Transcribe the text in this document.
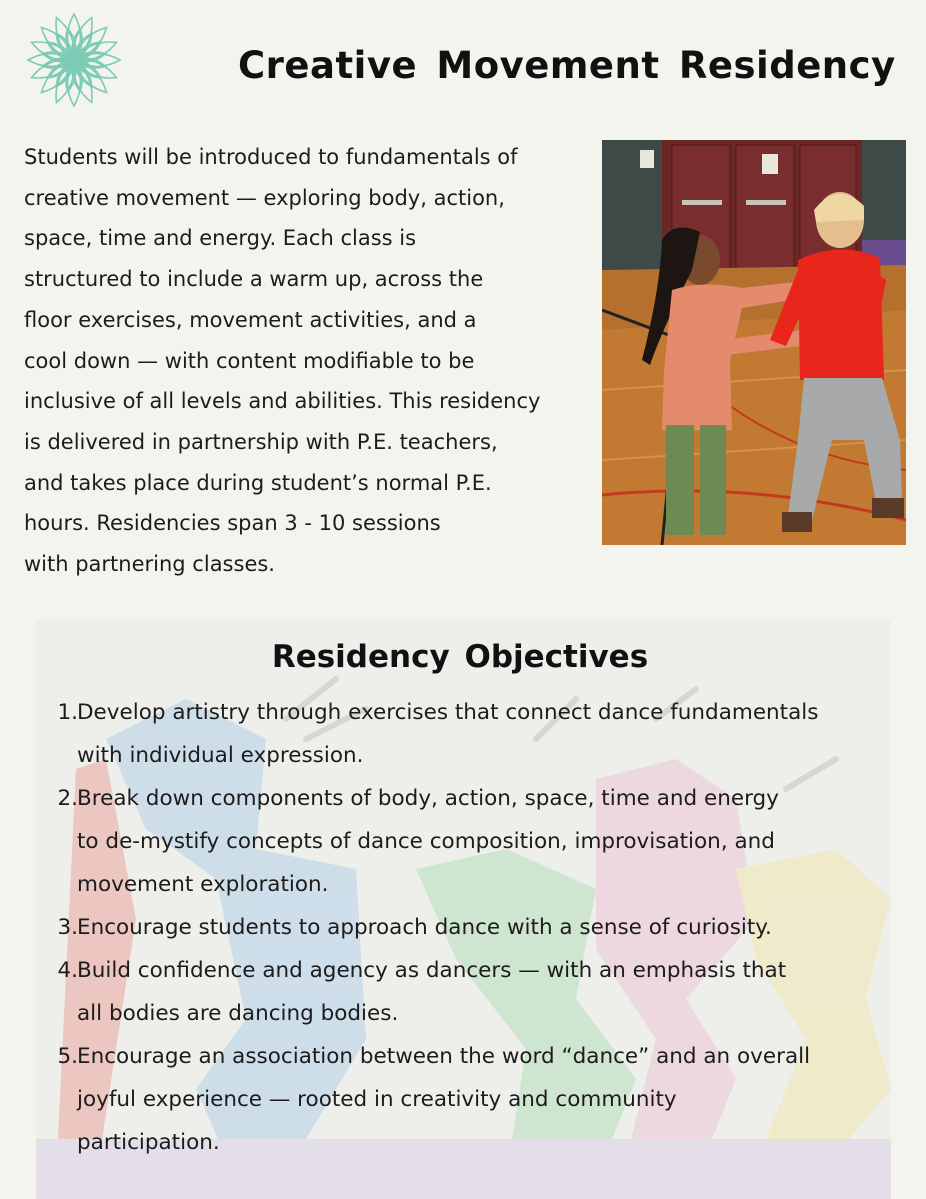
Creative Movement Residency
Students will be introduced to fundamentals of
creative movement — exploring body, action,
space, time and energy. Each class is
structured to include a warm up, across the
floor exercises, movement activities, and a
cool down — with content modifiable to be
inclusive of all levels and abilities. This residency
is delivered in partnership with P.E. teachers,
and takes place during student’s normal P.E.
hours. Residencies span 3 - 10 sessions
with partnering classes.
Residency Objectives
1. Develop artistry through exercises that connect dance fundamentals
with individual expression.
2. Break down components of body, action, space, time and energy
to de-mystify concepts of dance composition, improvisation, and
movement exploration.
3. Encourage students to approach dance with a sense of curiosity.
4. Build confidence and agency as dancers — with an emphasis that
all bodies are dancing bodies.
5. Encourage an association between the word “dance” and an overall
joyful experience — rooted in creativity and community
participation.
